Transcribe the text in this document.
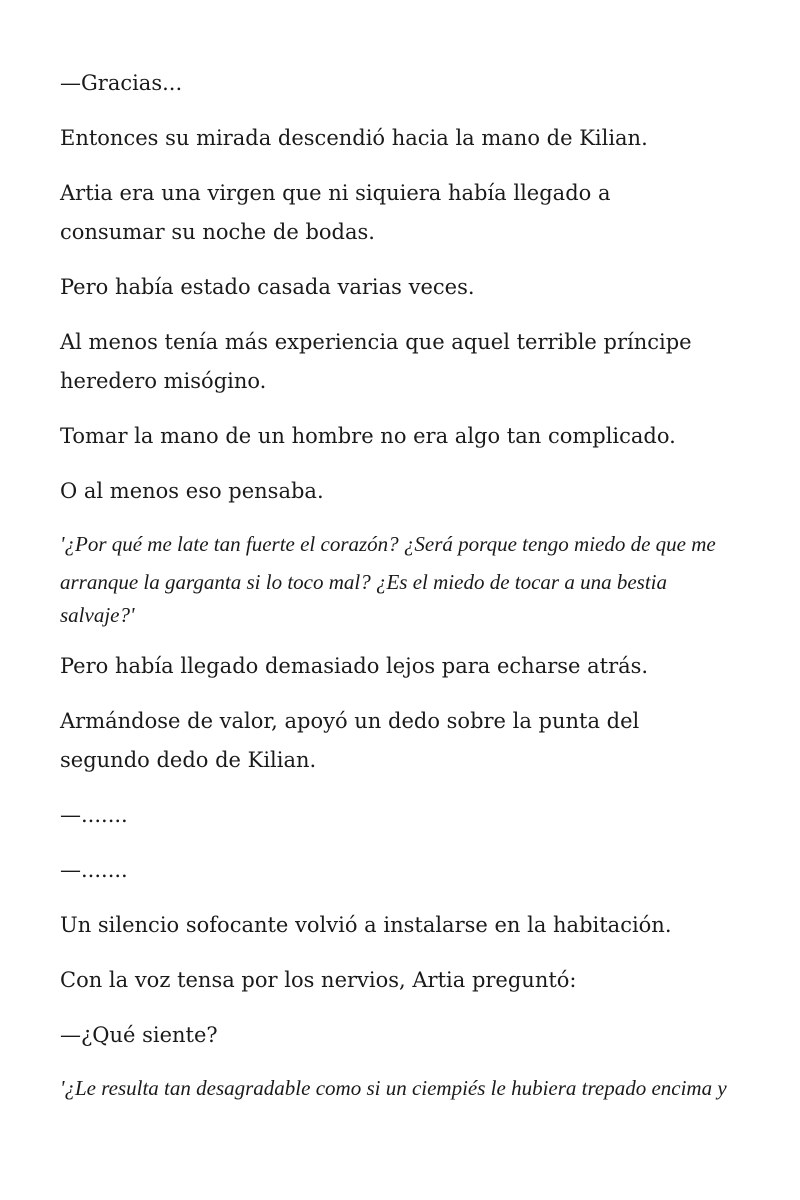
—Gracias...

Entonces su mirada descendió hacia la mano de Kilian.

Artia era una virgen que ni siquiera había llegado a

consumar su noche de bodas.

Pero había estado casada varias veces.

Al menos tenía más experiencia que aquel terrible príncipe

heredero misógino.

Tomar la mano de un hombre no era algo tan complicado.

O al menos eso pensaba.

'¿Por qué me late tan fuerte el corazón? ¿Será porque tengo miedo de que me

arranque la garganta si lo toco mal? ¿Es el miedo de tocar a una bestia

salvaje?'

Pero había llegado demasiado lejos para echarse atrás.

Armándose de valor, apoyó un dedo sobre la punta del

segundo dedo de Kilian.

—.......

—.......

Un silencio sofocante volvió a instalarse en la habitación.

Con la voz tensa por los nervios, Artia preguntó:

—¿Qué siente?

'¿Le resulta tan desagradable como si un ciempiés le hubiera trepado encima y
